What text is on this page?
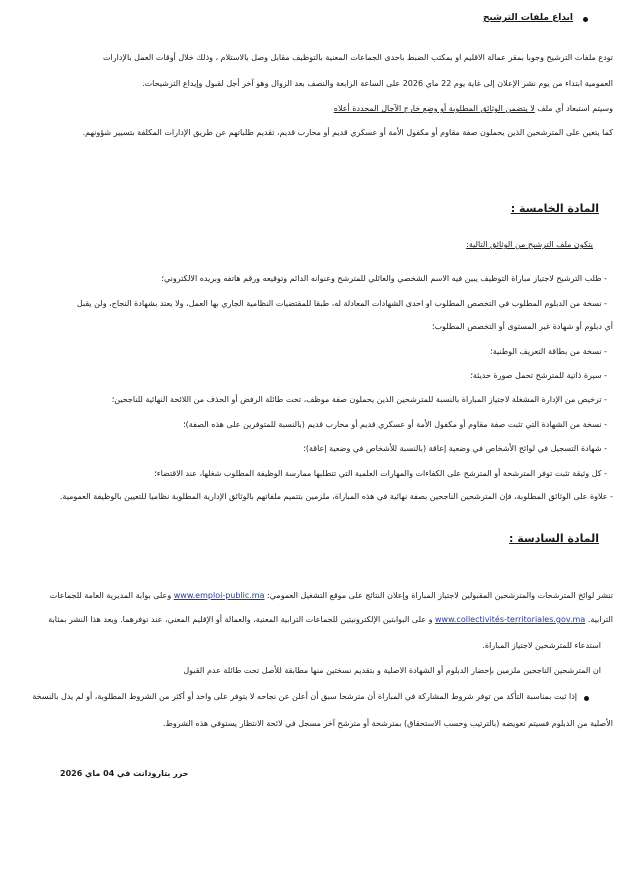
ايداع ملفات الترشيح
تودع ملفات الترشيح وجوبا بمقر عمالة الاقليم او بمكتب الضبط باحدى الجماعات المعنية بالتوظيف مقابل وصل بالاستلام ، وذلك خلال أوقات العمل بالإدارات
العمومية ابتداء من يوم نشر الإعلان إلى غاية يوم 22 ماي 2026 على الساعة الرابعة والنصف بعد الزوال وهو آخر أجل لقبول وإيداع الترشيحات.
وسيتم استبعاد أي ملف لا يتضمن الوثائق المطلوبة أو وضع خارج الآجال المحددة أعلاه
كما يتعين على المترشحين الذين يحملون صفة مقاوم أو مكفول الأمة أو عسكري قديم أو محارب قديم، تقديم طلباتهم عن طريق الإدارات المكلفة بتسيير شؤونهم.
المادة الخامسة :
يتكون ملف الترشيح من الوثائق التالية:
- طلب الترشيح لاجتياز مباراة التوظيف يبين فيه الاسم الشخصي والعائلي للمترشح وعنوانه الدائم وتوقيعه ورقم هاتفه وبريده الالكتروني؛
- نسخة من الدبلوم المطلوب في التخصص المطلوب او احدى الشهادات المعادلة له، طبقا للمقتضيات النظامية الجاري بها العمل، ولا يعتد بشهادة النجاح، ولن يقبل
أي دبلوم أو شهادة غير المستوى أو التخصص المطلوب؛
- نسخة من بطاقة التعريف الوطنية؛
- سيرة ذاتية للمترشح تحمل صورة حديثة؛
- ترخيص من الإدارة المشغلة لاجتياز المباراة بالنسبة للمترشحين الذين يحملون صفة موظف، تحت طائلة الرفض أو الحذف من اللائحة النهائية للناجحين؛
- نسخة من الشهادة التي تثبت صفة مقاوم أو مكفول الأمة أو عسكري قديم أو محارب قديم (بالنسبة للمتوفرين على هذه الصفة)؛
- شهادة التسجيل في لوائح الأشخاص في وضعية إعاقة (بالنسبة للأشخاص في وضعية إعاقة)؛
- كل وثيقة تثبت توفر المترشحة أو المترشح على الكفاءات والمهارات العلمية التي تتطلبها ممارسة الوظيفة المطلوب شغلها، عند الاقتضاء؛
- علاوة على الوثائق المطلوبة، فإن المترشحين الناجحين بصفة نهائية في هذه المباراة، ملزمين بتتميم ملفاتهم بالوثائق الإدارية المطلوبة نظاميا للتعيين بالوظيفة العمومية.
المادة السادسة :
تنشر لوائح المترشحات والمترشحين المقبولين لاجتياز المباراة وإعلان النتائج على موقع التشغيل العمومي: www.emploi-public.ma وعلى بوابة المديرية العامة للجماعات
الترابية. www.collectivités-territoriales.gov.ma و على البوابتين الإلكترونيتين للجماعات الترابية المعنية، والعمالة أو الإقليم المعني، عند توفرهما. ويعد هذا النشر بمثابة
استدعاء للمترشحين لاجتياز المباراة.
ان المترشحين الناجحين ملزمين بإحضار الدبلوم أو الشهادة الاصلية و بتقديم نسختين منها مطابقة للأصل تحت طائلة عدم القبول
إذا ثبت بمناسبة التأكد من توفر شروط المشاركة في المباراة أن مترشحا سبق أن أعلن عن نجاحه لا يتوفر على واحد أو أكثر من الشروط المطلوبة، أو لم يدل بالنسخة
الأصلية من الدبلوم فسيتم تعويضه (بالترتيب وحسب الاستحقاق) بمترشحة أو مترشح آخر مسجل في لائحة الانتظار يستوفي هذه الشروط.
حرر بتارودانت في 04 ماي 2026
